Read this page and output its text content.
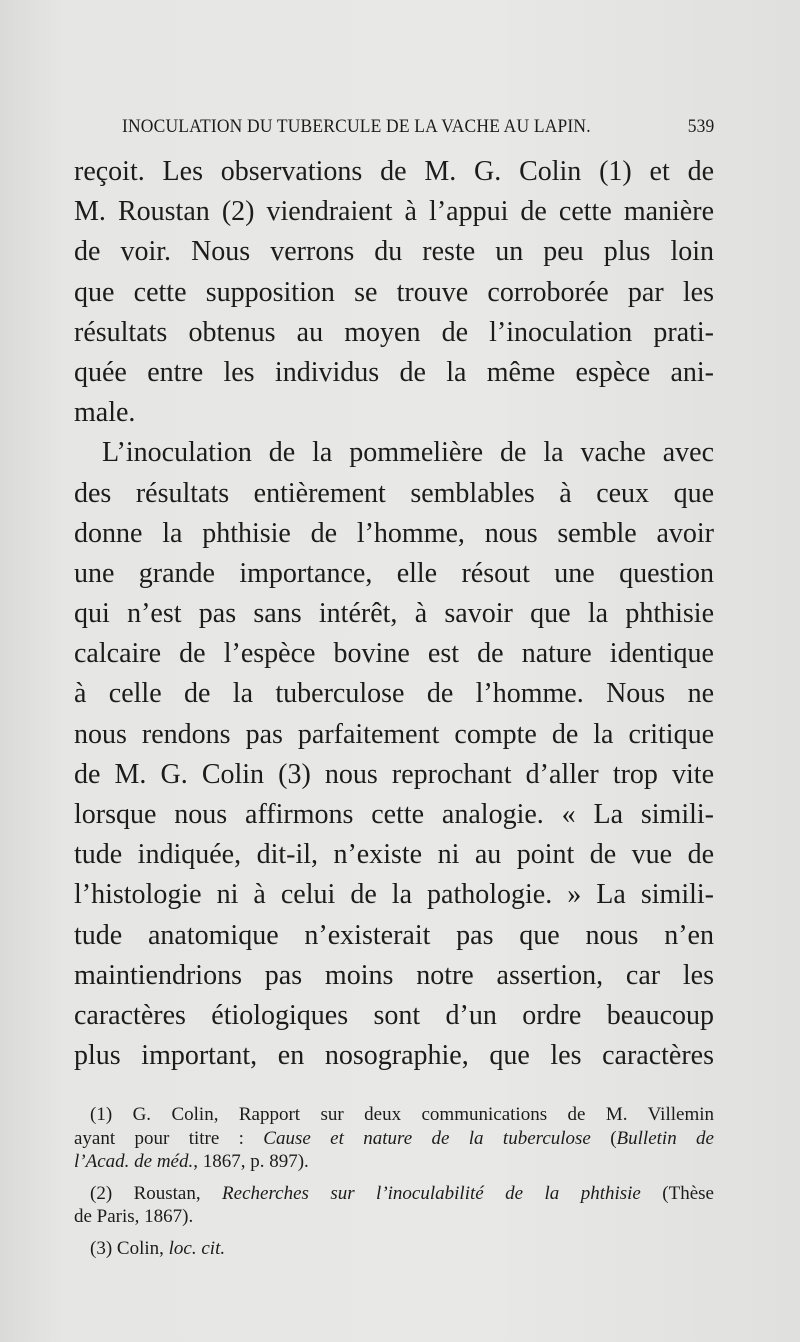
INOCULATION DU TUBERCULE DE LA VACHE AU LAPIN.	539
reçoit. Les observations de M. G. Colin (1) et de
M. Roustan (2) viendraient à l’appui de cette manière
de voir. Nous verrons du reste un peu plus loin
que cette supposition se trouve corroborée par les
résultats obtenus au moyen de l’inoculation prati-
quée entre les individus de la même espèce ani-
male.
L’inoculation de la pommelière de la vache avec
des résultats entièrement semblables à ceux que
donne la phthisie de l’homme, nous semble avoir
une grande importance, elle résout une question
qui n’est pas sans intérêt, à savoir que la phthisie
calcaire de l’espèce bovine est de nature identique
à celle de la tuberculose de l’homme. Nous ne
nous rendons pas parfaitement compte de la critique
de M. G. Colin (3) nous reprochant d’aller trop vite
lorsque nous affirmons cette analogie. « La simili-
tude indiquée, dit-il, n’existe ni au point de vue de
l’histologie ni à celui de la pathologie. » La simili-
tude anatomique n’existerait pas que nous n’en
maintiendrions pas moins notre assertion, car les
caractères étiologiques sont d’un ordre beaucoup
plus important, en nosographie, que les caractères
(1) G. Colin, Rapport sur deux communications de M. Villemin
ayant pour titre : Cause et nature de la tuberculose (Bulletin de
l’Acad. de méd., 1867, p. 897).
(2) Roustan, Recherches sur l’inoculabilité de la phthisie (Thèse
de Paris, 1867).
(3) Colin, loc. cit.
